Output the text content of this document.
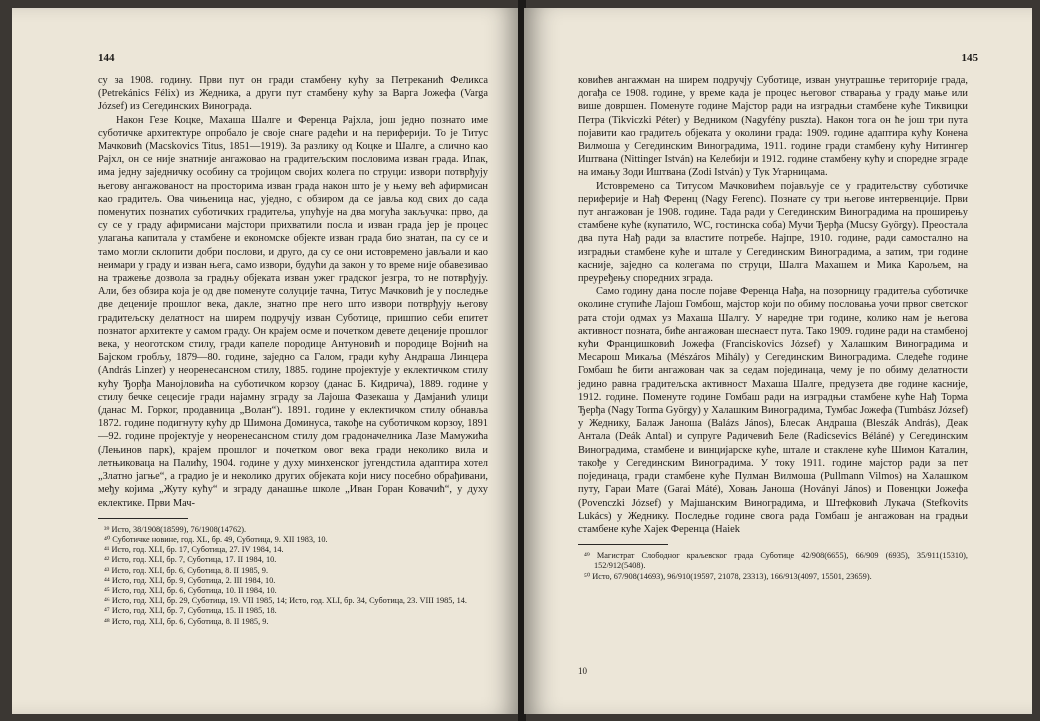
144

су за 1908. годину. Први пут он гради стамбену кућу за Петреканић Феликса (Petrekánics Félix) из Жедника, а други пут стамбену кућу за Варга Јожефа (Varga József) из Сегединских Винограда.

Након Гезе Коцке, Махаша Шалге и Ференца Рајхла, још једно познато име суботичке архитектуре опробало је своје снаге радећи и на периферији. То је Титус Мачковић (Macskovics Titus, 1851—1919). За разлику од Коцке и Шалге, а слично као Рајхл, он се није знатније ангажовао на градитељским пословима изван града. Ипак, има једну заједничку особину са тројицом својих колега по струци: извори потврђују његову ангажованост на просторима изван града након што је у њему већ афирмисан као градитељ. Ова чињеница нас, уједно, с обзиром да се јавља код свих до сада поменутих познатих суботичких градитеља, упућује на два могућа закључка: прво, да су се у граду афирмисани мајстори прихватили посла и изван града јер је процес улагања капитала у стамбене и економске објекте изван града био знатан, па су се и тамо могли склопити добри послови, и друго, да су се они истовремено јављали и као неимари у граду и изван њега, само извори, будући да закон у то време није обавезивао на тражење дозвола за градњу објеката изван ужег градског језгра, то не потврђују. Али, без обзира која је од две поменуте солуције тачна, Титус Мачковић је у последње две деценије прошлог века, дакле, знатно пре него што извори потврђују његову градитељску делатност на ширем подручју изван Суботице, пришпио себи епитет познатог архитекте у самом граду. Он крајем осме и почетком девете деценије прошлог века, у неоготском стилу, гради капеле породице Антуновић и породице Војнић на Бајском гробљу, 1879—80. године, заједно са Галом, гради кућу Андраша Линцера (András Linzer) у неоренесансном стилу, 1885. године пројектује у еклектичком стилу кућу Ђорђа Манојловића на суботичком корзоу (данас Б. Кидрича), 1889. године у стилу бечке сецесије гради најамну зграду за Лајоша Фазекаша у Дамјанић улици (данас М. Горког, продавница „Волан“). 1891. године у еклектичком стилу обнавља 1872. године подигнуту кућу др Шимона Доминуса, такође на суботичком корзоу, 1891—92. године пројектује у неоренесансном стилу дом градоначелника Лазе Мамужића (Лењинов парк), крајем прошлог и почетком овог века гради неколико вила и летњиковаца на Палићу, 1904. године у духу минхенског југендстила адаптира хотел „Златно јагње“, а градио је и неколико других објеката који нису посебно обрађивани, међу којима „Жуту кућу“ и зграду данашње школе „Иван Горан Ковачић“, у духу еклектике. Први Мач-

³⁹ Исто, 38/1908(18599), 76/1908(14762).
⁴⁰ Суботичке новине, год. XL, бр. 49, Суботица, 9. XII 1983, 10.
⁴¹ Исто, год. XLI, бр. 17, Суботица, 27. IV 1984, 14.
⁴² Исто, год. XLI, бр. 7, Суботица, 17. II 1984, 10.
⁴³ Исто, год. XLI, бр. 6, Суботица, 8. II 1985, 9.
⁴⁴ Исто, год. XLI, бр. 9, Суботица, 2. III 1984, 10.
⁴⁵ Исто, год. XLI, бр. 6, Суботица, 10. II 1984, 10.
⁴⁶ Исто, год. XLI, бр. 29, Суботица, 19. VII 1985, 14; Исто, год. XLI, бр. 34, Суботица, 23. VIII 1985, 14.
⁴⁷ Исто, год. XLI, бр. 7, Суботица, 15. II 1985, 18.
⁴⁸ Исто, год. XLI, бр. 6, Суботица, 8. II 1985, 9.
145

ковићев ангажман на ширем подручју Суботице, изван унутрашње територије града, догађа се 1908. године, у време када је процес његовог стварања у граду мање или више довршен. Поменуте године Мајстор ради на изградњи стамбене куће Тиквицки Петра (Tikviczki Péter) у Ведником (Nagyfény puszta). Након тога он ће још три пута појавити као градитељ објеката у околини града: 1909. године адаптира кућу Конена Вилмоша у Сегединским Виноградима, 1911. године гради стамбену кућу Нитингер Иштвана (Nittinger István) на Келебији и 1912. године стамбену кућу и споредне зграде на имању Зоди Иштвана (Zodi István) у Тук Угарницама.

Истовремено са Титусом Мачковићем појављује се у градитељству суботичке периферије и Нађ Ференц (Nagy Ferenc). Познате су три његове интервенције. Први пут ангажован је 1908. године. Тада ради у Сегединским Виноградима на проширењу стамбене куће (купатило, WC, гостинска соба) Мучи Ђерђа (Mucsy György). Преостала два пута Нађ ради за властите потребе. Најпре, 1910. године, ради самостално на изградњи стамбене куће и штале у Сегединским Виноградима, а затим, три године касније, заједно са колегама по струци, Шалга Махашем и Мика Карољем, на преуређењу споредних зграда.

Само годину дана после појаве Ференца Нађа, на позорницу градитеља суботичке околине ступиће Лајош Гомбош, мајстор који по обиму пословања уочи првог светског рата стоји одмах уз Махаша Шалгу. У наредне три године, колико нам је његова активност позната, биће ангажован шеснаест пута. Тако 1909. године ради на стамбеној кући Францишковић Јожефа (Franciskovics József) у Халашким Виноградима и Месарош Микаља (Mészáros Mihály) у Сегединским Виноградима. Следеће године Гомбаш ће бити ангажован чак за седам појединаца, чему је по обиму делатности једино равна градитељска активност Махаша Шалге, предузета две године касније, 1912. године. Поменуте године Гомбаш ради на изградњи стамбене куће Нађ Торма Ђерђа (Nagy Torma György) у Халашким Виноградима, Тумбас Јожефа (Tumbász József) у Жеднику, Балаж Јаноша (Balázs János), Блесак Андраша (Bleszák András), Деак Антала (Deák Antal) и супруге Радичевић Беле (Radicsevics Béláné) у Сегединским Виноградима, стамбене и винцијарске куће, штале и стаклене куће Шимон Каталин, такође у Сегединским Виноградима. У току 1911. године мајстор ради за пет појединаца, гради стамбене куће Пулман Вилмоша (Pullmann Vilmos) на Халашком путу, Гараи Мате (Garai Máté), Ховањ Јаноша (Hoványi János) и Повенцки Јожефа (Povenczki József) у Мајшанским Виноградима, и Штефковић Лукача (Stefkovits Lukács) у Жеднику. Последње године свога рада Гомбаш је ангажован на градњи стамбене куће Хајек Ференца (Haiek

⁴⁹ Магистрат Слободног краљевског града Суботице 42/908(6655), 66/909 (6935), 35/911(15310), 152/912(5408).
⁵⁰ Исто, 67/908(14693), 96/910(19597, 21078, 23313), 166/913(4097, 15501, 23659).
10
